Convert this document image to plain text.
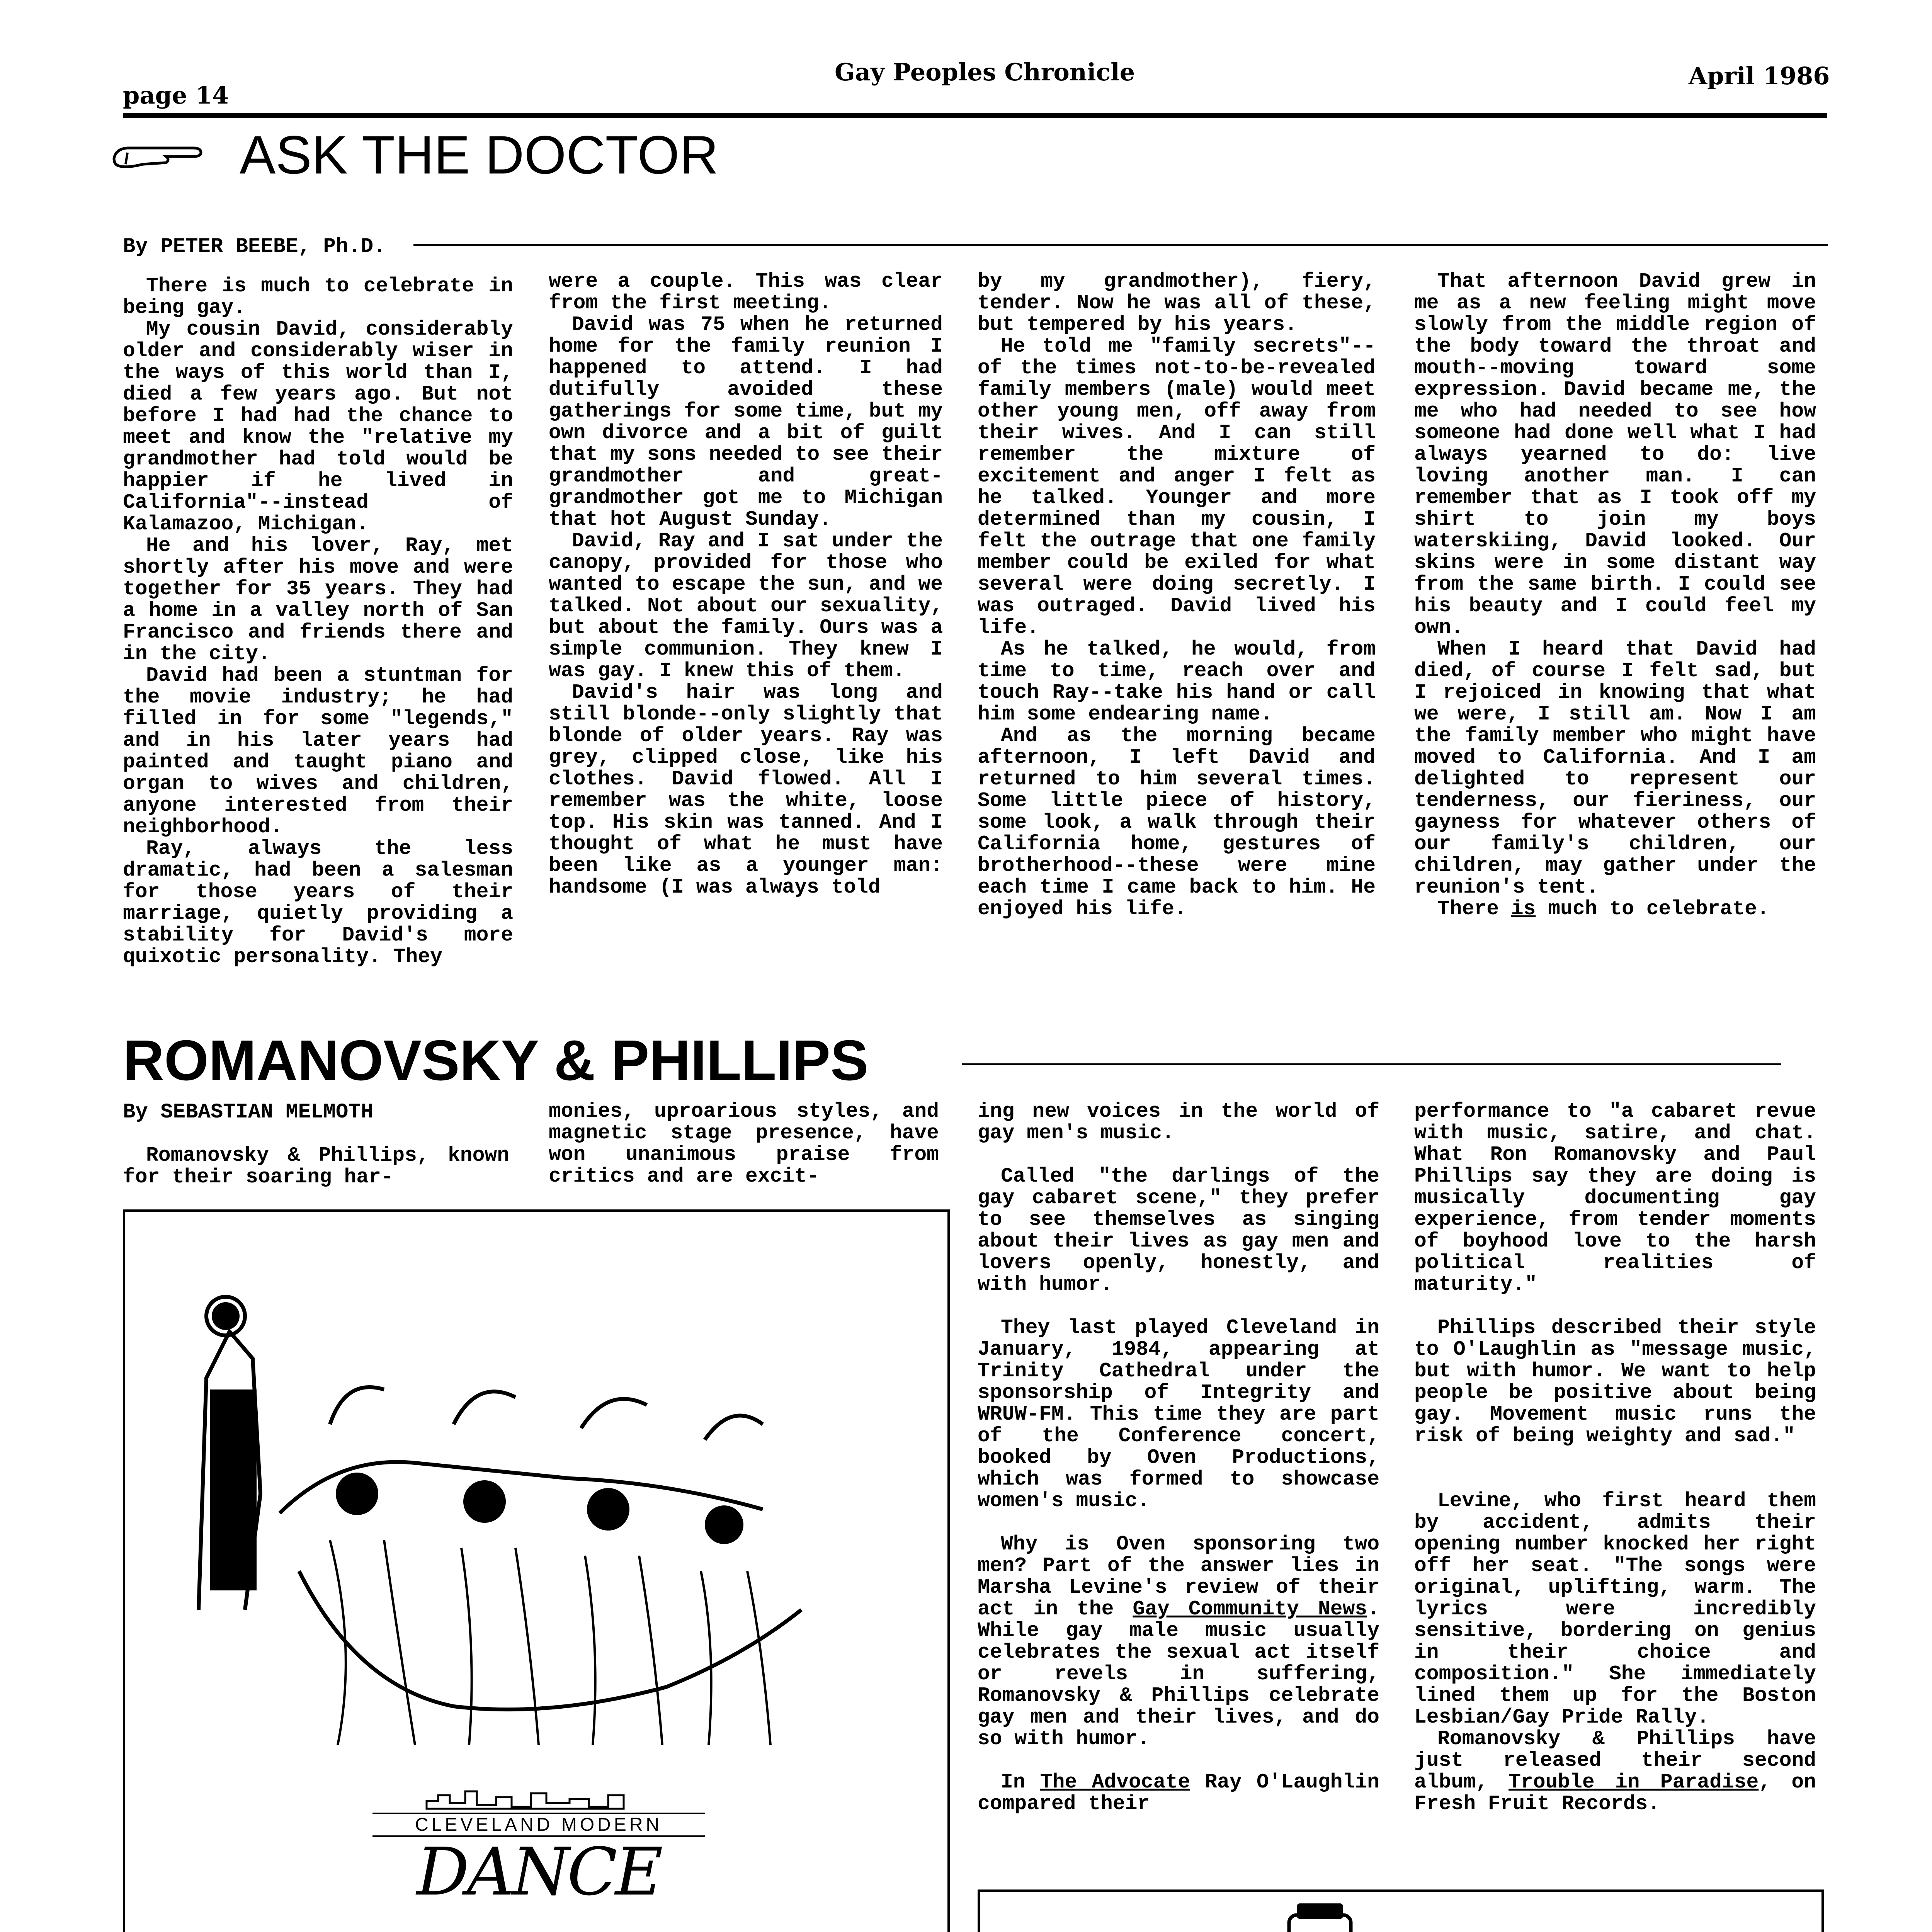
page 14
Gay Peoples Chronicle	April 1986
ASK THE DOCTOR
By PETER BEEBE, Ph.D.

There is much to celebrate in being gay.

My cousin David, considerably older and considerably wiser in the ways of this world than I, died a few years ago. But not before I had had the chance to meet and know the "relative my grandmother had told would be happier if he lived in California"--instead of Kalamazoo, Michigan.

He and his lover, Ray, met shortly after his move and were together for 35 years. They had a home in a valley north of San Francisco and friends there and in the city.

David had been a stuntman for the movie industry; he had filled in for some "legends," and in his later years had painted and taught piano and organ to wives and children, anyone interested from their neighborhood.

Ray, always the less dramatic, had been a salesman for those years of their marriage, quietly providing a stability for David's more quixotic personality. They

were a couple. This was clear from the first meeting.

David was 75 when he returned home for the family reunion I happened to attend. I had dutifully avoided these gatherings for some time, but my own divorce and a bit of guilt that my sons needed to see their grandmother and great-grandmother got me to Michigan that hot August Sunday.

David, Ray and I sat under the canopy, provided for those who wanted to escape the sun, and we talked. Not about our sexuality, but about the family. Ours was a simple communion. They knew I was gay. I knew this of them.

David's hair was long and still blonde--only slightly that blonde of older years. Ray was grey, clipped close, like his clothes. David flowed. All I remember was the white, loose top. His skin was tanned. And I thought of what he must have been like as a younger man: handsome (I was always told

by my grandmother), fiery, tender. Now he was all of these, but tempered by his years.

He told me "family secrets"--of the times not-to-be-revealed family members (male) would meet other young men, off away from their wives. And I can still remember the mixture of excitement and anger I felt as he talked. Younger and more determined than my cousin, I felt the outrage that one family member could be exiled for what several were doing secretly. I was outraged. David lived his life.

As he talked, he would, from time to time, reach over and touch Ray--take his hand or call him some endearing name.

And as the morning became afternoon, I left David and returned to him several times. Some little piece of history, some look, a walk through their California home, gestures of brotherhood--these were mine each time I came back to him. He enjoyed his life.

That afternoon David grew in me as a new feeling might move slowly from the middle region of the body toward the throat and mouth--moving toward some expression. David became me, the me who had needed to see how someone had done well what I had always yearned to do: live loving another man. I can remember that as I took off my shirt to join my boys waterskiing, David looked. Our skins were in some distant way from the same birth. I could see his beauty and I could feel my own.

When I heard that David had died, of course I felt sad, but I rejoiced in knowing that what we were, I still am. Now I am the family member who might have moved to California. And I am delighted to represent our tenderness, our fieriness, our gayness for whatever others of our family's children, our children, may gather under the reunion's tent.

There is much to celebrate.

ROMANOVSKY & PHILLIPS
By SEBASTIAN MELMOTH

Romanovsky & Phillips, known for their soaring har-

monies, uproarious styles, and magnetic stage presence, have won unanimous praise from critics and are excit-

ing new voices in the world of gay men's music.

Called "the darlings of the gay cabaret scene," they prefer to see themselves as singing about their lives as gay men and lovers openly, honestly, and with humor.

They last played Cleveland in January, 1984, appearing at Trinity Cathedral under the sponsorship of Integrity and WRUW-FM. This time they are part of the Conference concert, booked by Oven Productions, which was formed to showcase women's music.

Why is Oven sponsoring two men? Part of the answer lies in Marsha Levine's review of their act in the Gay Community News. While gay male music usually celebrates the sexual act itself or revels in suffering, Romanovsky & Phillips celebrate gay men and their lives, and do so with humor.

In The Advocate Ray O'Laughlin compared their

performance to "a cabaret revue with music, satire, and chat. What Ron Romanovsky and Paul Phillips say they are doing is musically documenting gay experience, from tender moments of boyhood love to the harsh political realities of maturity."

Phillips described their style to O'Laughlin as "message music, but with humor. We want to help people be positive about being gay. Movement music runs the risk of being weighty and sad."

Levine, who first heard them by accident, admits their opening number knocked her right off her seat. "The songs were original, uplifting, warm. The lyrics were incredibly sensitive, bordering on genius in their choice and composition." She immediately lined them up for the Boston Lesbian/Gay Pride Rally.

Romanovsky & Phillips have just released their second album, Trouble in Paradise, on Fresh Fruit Records.

CLEVELAND MODERN
DANCE
